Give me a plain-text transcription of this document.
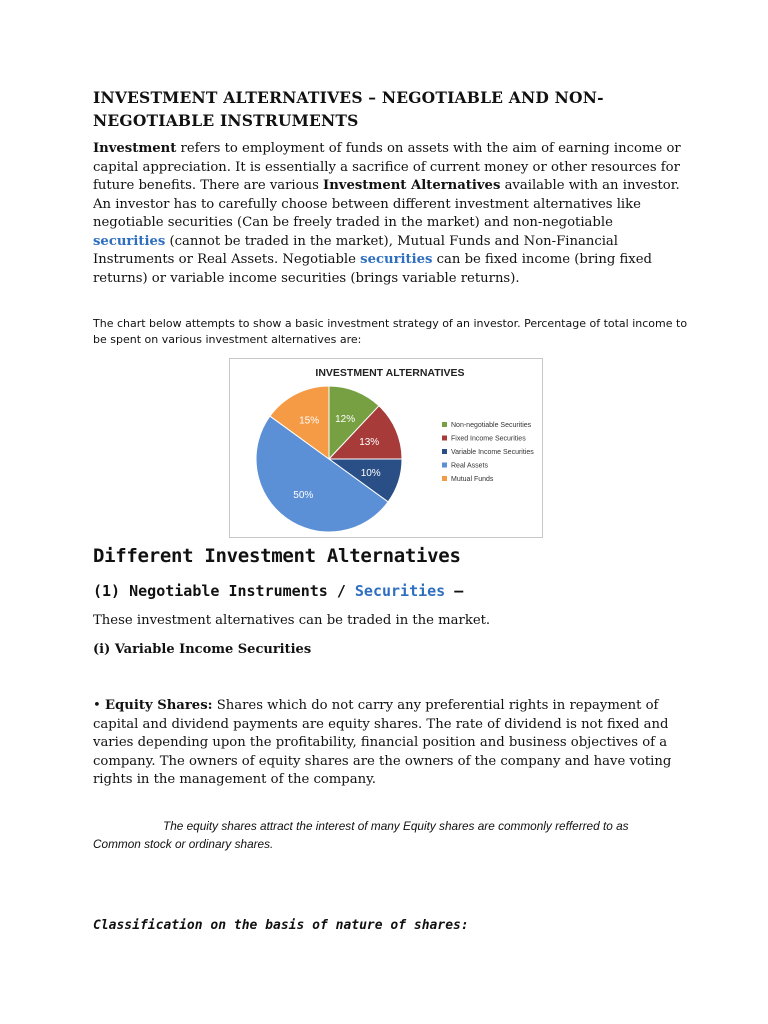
INVESTMENT ALTERNATIVES – NEGOTIABLE AND NON-NEGOTIABLE INSTRUMENTS

Investment refers to employment of funds on assets with the aim of earning income or capital appreciation. It is essentially a sacrifice of current money or other resources for future benefits. There are various Investment Alternatives available with an investor. An investor has to carefully choose between different investment alternatives like negotiable securities (Can be freely traded in the market) and non-negotiable securities (cannot be traded in the market), Mutual Funds and Non-Financial Instruments or Real Assets. Negotiable securities can be fixed income (bring fixed returns) or variable income securities (brings variable returns).

The chart below attempts to show a basic investment strategy of an investor. Percentage of total income to be spent on various investment alternatives are:

INVESTMENT ALTERNATIVES
12%
13%
10%
50%
15%	Non-negotiable Securities
Fixed Income Securities
Variable Income Securities
Real Assets
Mutual Funds
Different Investment Alternatives
(1) Negotiable Instruments / Securities –

These investment alternatives can be traded in the market.

(i) Variable Income Securities

• Equity Shares: Shares which do not carry any preferential rights in repayment of capital and dividend payments are equity shares. The rate of dividend is not fixed and varies depending upon the profitability, financial position and business objectives of a company. The owners of equity shares are the owners of the company and have voting rights in the management of the company.

The equity shares attract the interest of many Equity shares are commonly refferred to as Common stock or ordinary shares.

Classification on the basis of nature of shares:
